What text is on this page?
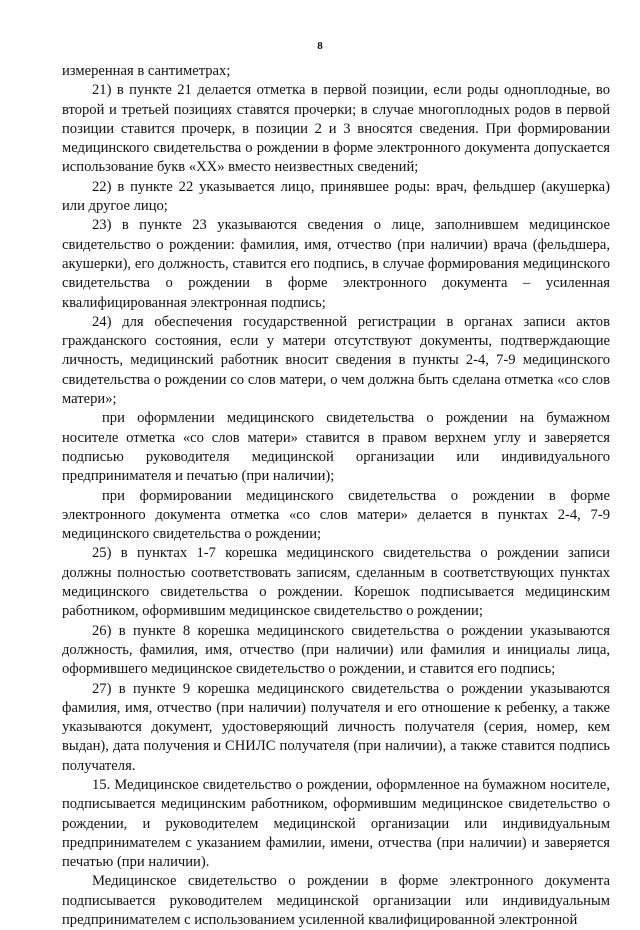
8

измеренная в сантиметрах;

21) в пункте 21 делается отметка в первой позиции, если роды одноплодные, во второй и третьей позициях ставятся прочерки; в случае многоплодных родов в первой позиции ставится прочерк, в позиции 2 и 3 вносятся сведения. При формировании медицинского свидетельства о рождении в форме электронного документа допускается использование букв «XX» вместо неизвестных сведений;

22) в пункте 22 указывается лицо, принявшее роды: врач, фельдшер (акушерка) или другое лицо;

23) в пункте 23 указываются сведения о лице, заполнившем медицинское свидетельство о рождении: фамилия, имя, отчество (при наличии) врача (фельдшера, акушерки), его должность, ставится его подпись, в случае формирования медицинского свидетельства о рождении в форме электронного документа – усиленная квалифицированная электронная подпись;

24) для обеспечения государственной регистрации в органах записи актов гражданского состояния, если у матери отсутствуют документы, подтверждающие личность, медицинский работник вносит сведения в пункты 2-4, 7-9 медицинского свидетельства о рождении со слов матери, о чем должна быть сделана отметка «со слов матери»;

при оформлении медицинского свидетельства о рождении на бумажном носителе отметка «со слов матери» ставится в правом верхнем углу и заверяется подписью руководителя медицинской организации или индивидуального предпринимателя и печатью (при наличии);

при формировании медицинского свидетельства о рождении в форме электронного документа отметка «со слов матери» делается в пунктах 2-4, 7-9 медицинского свидетельства о рождении;

25) в пунктах 1-7 корешка медицинского свидетельства о рождении записи должны полностью соответствовать записям, сделанным в соответствующих пунктах медицинского свидетельства о рождении. Корешок подписывается медицинским работником, оформившим медицинское свидетельство о рождении;

26) в пункте 8 корешка медицинского свидетельства о рождении указываются должность, фамилия, имя, отчество (при наличии) или фамилия и инициалы лица, оформившего медицинское свидетельство о рождении, и ставится его подпись;

27) в пункте 9 корешка медицинского свидетельства о рождении указываются фамилия, имя, отчество (при наличии) получателя и его отношение к ребенку, а также указываются документ, удостоверяющий личность получателя (серия, номер, кем выдан), дата получения и СНИЛС получателя (при наличии), а также ставится подпись получателя.

15. Медицинское свидетельство о рождении, оформленное на бумажном носителе, подписывается медицинским работником, оформившим медицинское свидетельство о рождении, и руководителем медицинской организации или индивидуальным предпринимателем с указанием фамилии, имени, отчества (при наличии) и заверяется печатью (при наличии).

Медицинское свидетельство о рождении в форме электронного документа подписывается руководителем медицинской организации или индивидуальным предпринимателем с использованием усиленной квалифицированной электронной
